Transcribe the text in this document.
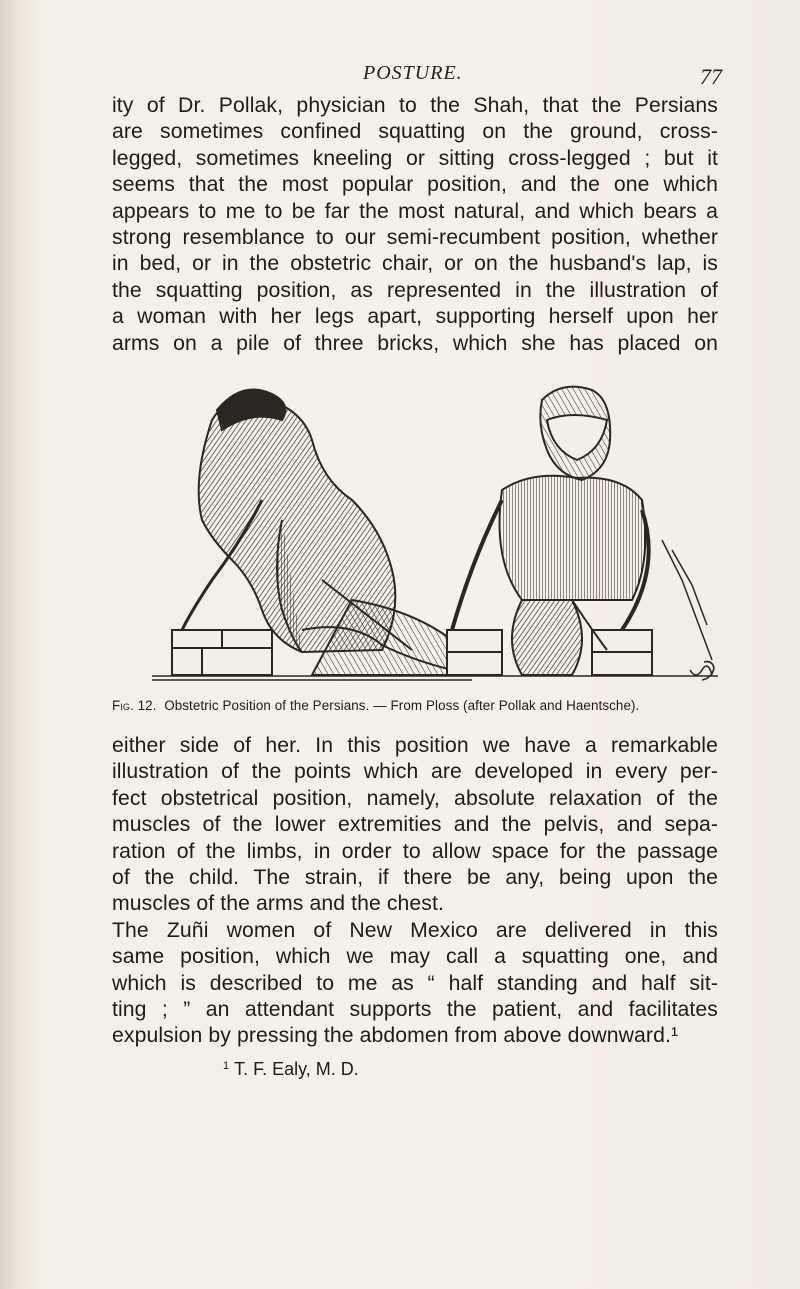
POSTURE.	77
ity of Dr. Pollak, physician to the Shah, that the Persians
are sometimes confined squatting on the ground, cross-
legged, sometimes kneeling or sitting cross-legged ; but it
seems that the most popular position, and the one which
appears to me to be far the most natural, and which bears a
strong resemblance to our semi-recumbent position, whether
in bed, or in the obstetric chair, or on the husband's lap, is
the squatting position, as represented in the illustration of
a woman with her legs apart, supporting herself upon her
arms on a pile of three bricks, which she has placed on
Fig. 12. Obstetric Position of the Persians. — From Ploss (after Pollak and Haentsche).
either side of her. In this position we have a remarkable
illustration of the points which are developed in every per-
fect obstetrical position, namely, absolute relaxation of the
muscles of the lower extremities and the pelvis, and sepa-
ration of the limbs, in order to allow space for the passage
of the child. The strain, if there be any, being upon the
muscles of the arms and the chest.
The Zuñi women of New Mexico are delivered in this
same position, which we may call a squatting one, and
which is described to me as “ half standing and half sit-
ting ; ” an attendant supports the patient, and facilitates
expulsion by pressing the abdomen from above downward.¹
$^1$ T. F. Ealy, M. D.
